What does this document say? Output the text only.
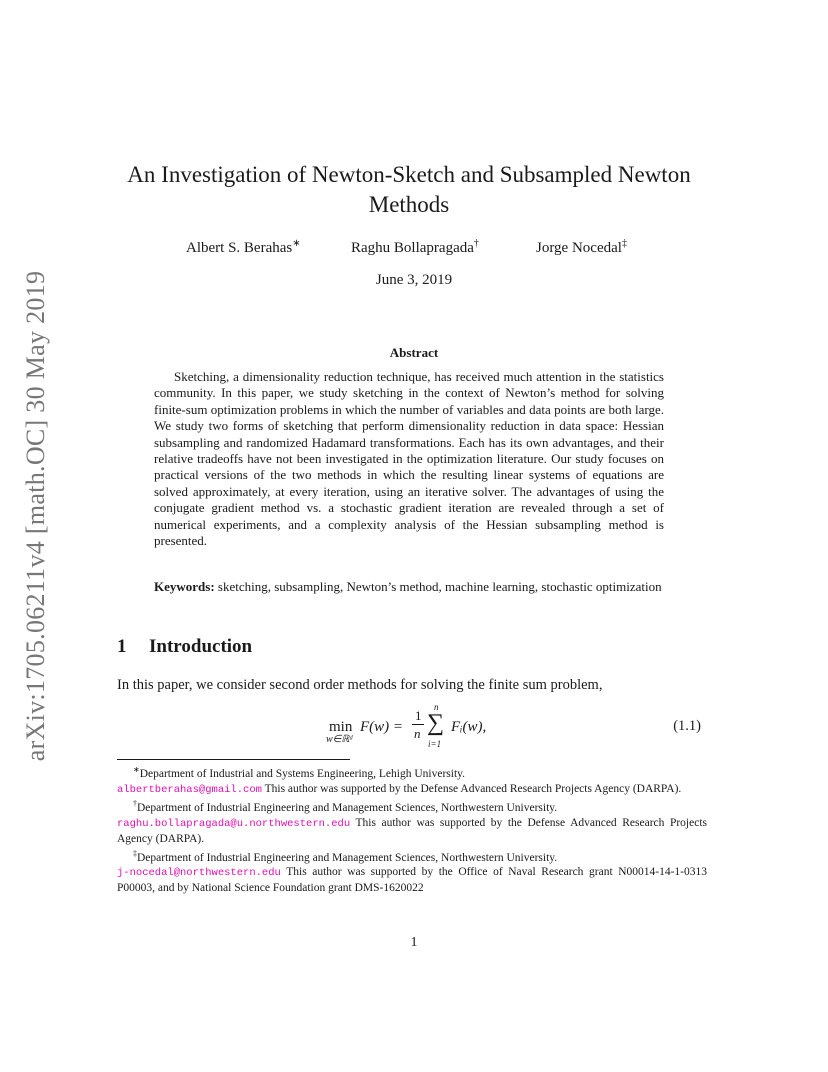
arXiv:1705.06211v4 [math.OC] 30 May 2019
An Investigation of Newton-Sketch and Subsampled Newton
Methods
Albert S. Berahas∗	Raghu Bollapragada†	Jorge Nocedal‡
June 3, 2019
Abstract
Sketching, a dimensionality reduction technique, has received much attention in the statistics community. In this paper, we study sketching in the context of Newton’s method for solving finite-sum optimization problems in which the number of variables and data points are both large. We study two forms of sketching that perform dimensionality reduction in data space: Hessian subsampling and randomized Hadamard transformations. Each has its own advantages, and their relative tradeoffs have not been investigated in the optimization literature. Our study focuses on practical versions of the two methods in which the resulting linear systems of equations are solved approximately, at every iteration, using an iterative solver. The advantages of using the conjugate gradient method vs. a stochastic gradient iteration are revealed through a set of numerical experiments, and a complexity analysis of the Hessian subsampling method is presented.
Keywords: sketching, subsampling, Newton’s method, machine learning, stochastic optimization
1 Introduction
In this paper, we consider second order methods for solving the finite sum problem,
min
w∈ℝᵈ
F(w) =
1
n
n
∑
i=1
Fᵢ(w),	(1.1)
∗Department of Industrial and Systems Engineering, Lehigh University.
albertberahas@gmail.com This author was supported by the Defense Advanced Research Projects Agency (DARPA).
†Department of Industrial Engineering and Management Sciences, Northwestern University.
raghu.bollapragada@u.northwestern.edu This author was supported by the Defense Advanced Research Projects Agency (DARPA).
‡Department of Industrial Engineering and Management Sciences, Northwestern University.
j-nocedal@northwestern.edu This author was supported by the Office of Naval Research grant N00014-14-1-0313 P00003, and by National Science Foundation grant DMS-1620022
1
